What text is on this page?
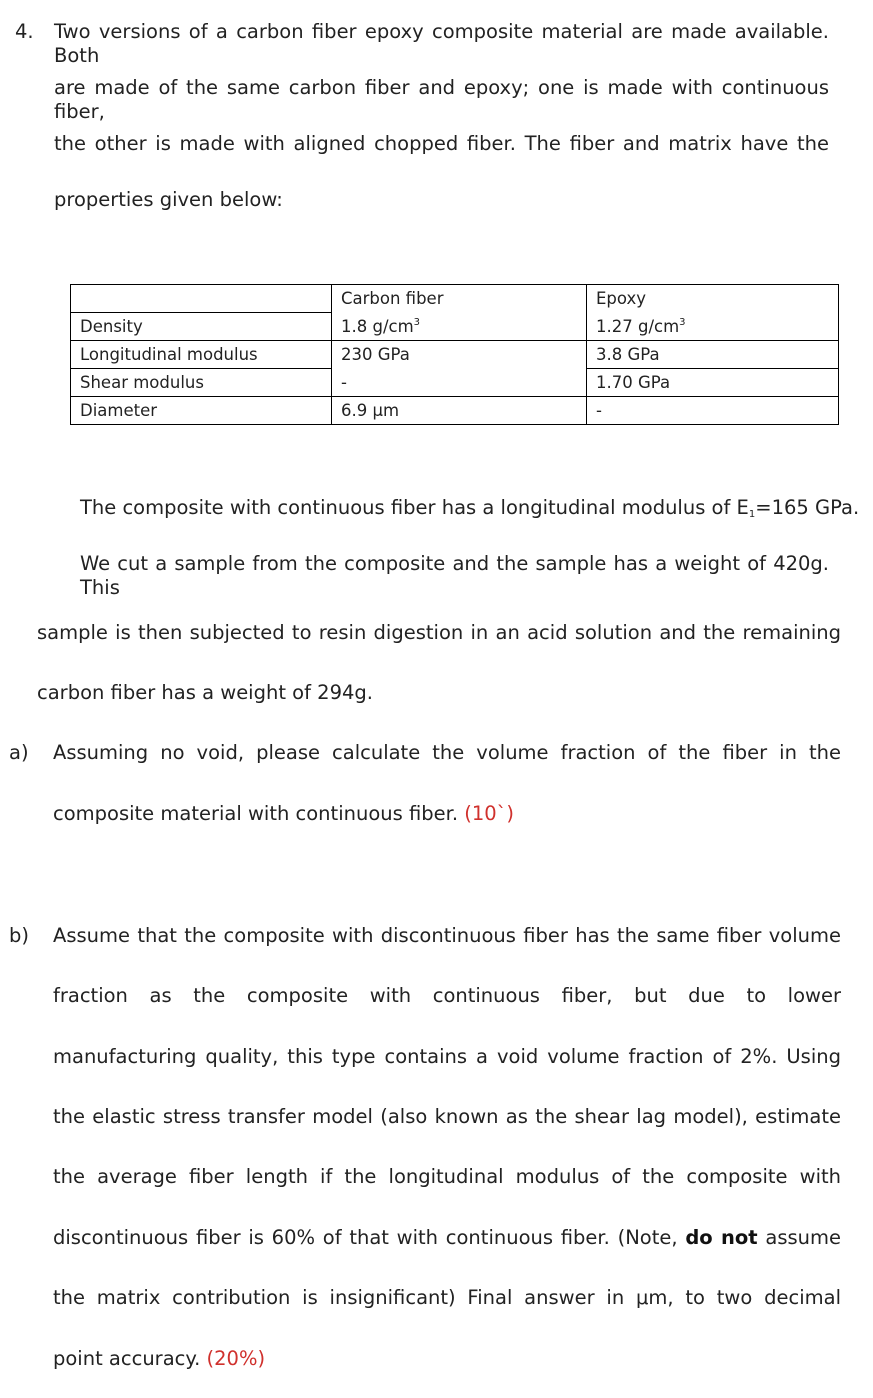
4. Two versions of a carbon fiber epoxy composite material are made available. Both
are made of the same carbon fiber and epoxy; one is made with continuous fiber,
the other is made with aligned chopped fiber. The fiber and matrix have the
properties given below:
	Carbon fiber	Epoxy
Density	1.8 $g/cm^3$	1.27 $g/cm^3$
Longitudinal modulus	230 GPa	3.8 GPa
Shear modulus	-	1.70 GPa
Diameter	6.9 μm	-
The composite with continuous fiber has a longitudinal modulus of $E_1=165$ GPa.
We cut a sample from the composite and the sample has a weight of 420g. This
sample is then subjected to resin digestion in an acid solution and the remaining
carbon fiber has a weight of 294g.
a) Assuming no void, please calculate the volume fraction of the fiber in the
composite material with continuous fiber. (10`)
b) Assume that the composite with discontinuous fiber has the same fiber volume
fraction as the composite with continuous fiber, but due to lower
manufacturing quality, this type contains a void volume fraction of 2%. Using
the elastic stress transfer model (also known as the shear lag model), estimate
the average fiber length if the longitudinal modulus of the composite with
discontinuous fiber is 60% of that with continuous fiber. (Note, do not assume
the matrix contribution is insignificant) Final answer in μm, to two decimal
point accuracy. (20%)
